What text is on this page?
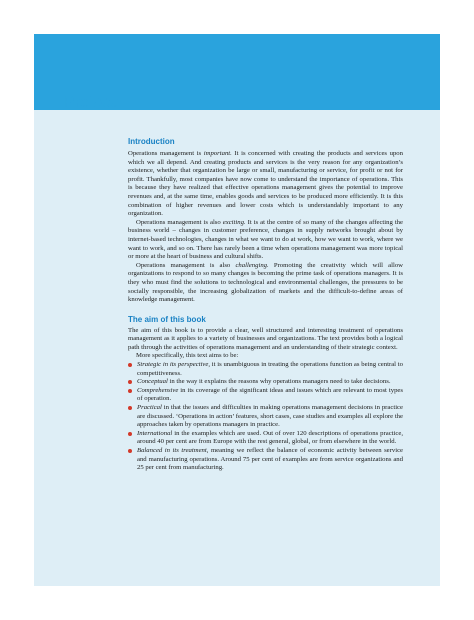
Preface
Introduction

Operations management is important. It is concerned with creating the products and services upon which we all depend. And creating products and services is the very reason for any organization’s existence, whether that organization be large or small, manufacturing or service, for profit or not for profit. Thankfully, most companies have now come to understand the importance of operations. This is because they have realized that effective operations management gives the potential to improve revenues and, at the same time, enables goods and services to be produced more efficiently. It is this combination of higher revenues and lower costs which is understandably important to any organization.

Operations management is also exciting. It is at the centre of so many of the changes affecting the business world – changes in customer preference, changes in supply networks brought about by internet-based technologies, changes in what we want to do at work, how we want to work, where we want to work, and so on. There has rarely been a time when operations management was more topical or more at the heart of business and cultural shifts.

Operations management is also challenging. Promoting the creativity which will allow organizations to respond to so many changes is becoming the prime task of operations managers. It is they who must find the solutions to technological and environmental challenges, the pressures to be socially responsible, the increasing globalization of markets and the difficult-to-define areas of knowledge management.

The aim of this book

The aim of this book is to provide a clear, well structured and interesting treatment of operations management as it applies to a variety of businesses and organizations. The text provides both a logical path through the activities of operations management and an understanding of their strategic context.

More specifically, this text aims to be:

Strategic in its perspective, it is unambiguous in treating the operations function as being central to competitiveness.
Conceptual in the way it explains the reasons why operations managers need to take decisions.
Comprehensive in its coverage of the significant ideas and issues which are relevant to most types of operation.
Practical in that the issues and difficulties in making operations management decisions in practice are discussed. ‘Operations in action’ features, short cases, case studies and examples all explore the approaches taken by operations managers in practice.
International in the examples which are used. Out of over 120 descriptions of operations practice, around 40 per cent are from Europe with the rest general, global, or from elsewhere in the world.
Balanced in its treatment, meaning we reflect the balance of economic activity between service and manufacturing operations. Around 75 per cent of examples are from service organizations and 25 per cent from manufacturing.
